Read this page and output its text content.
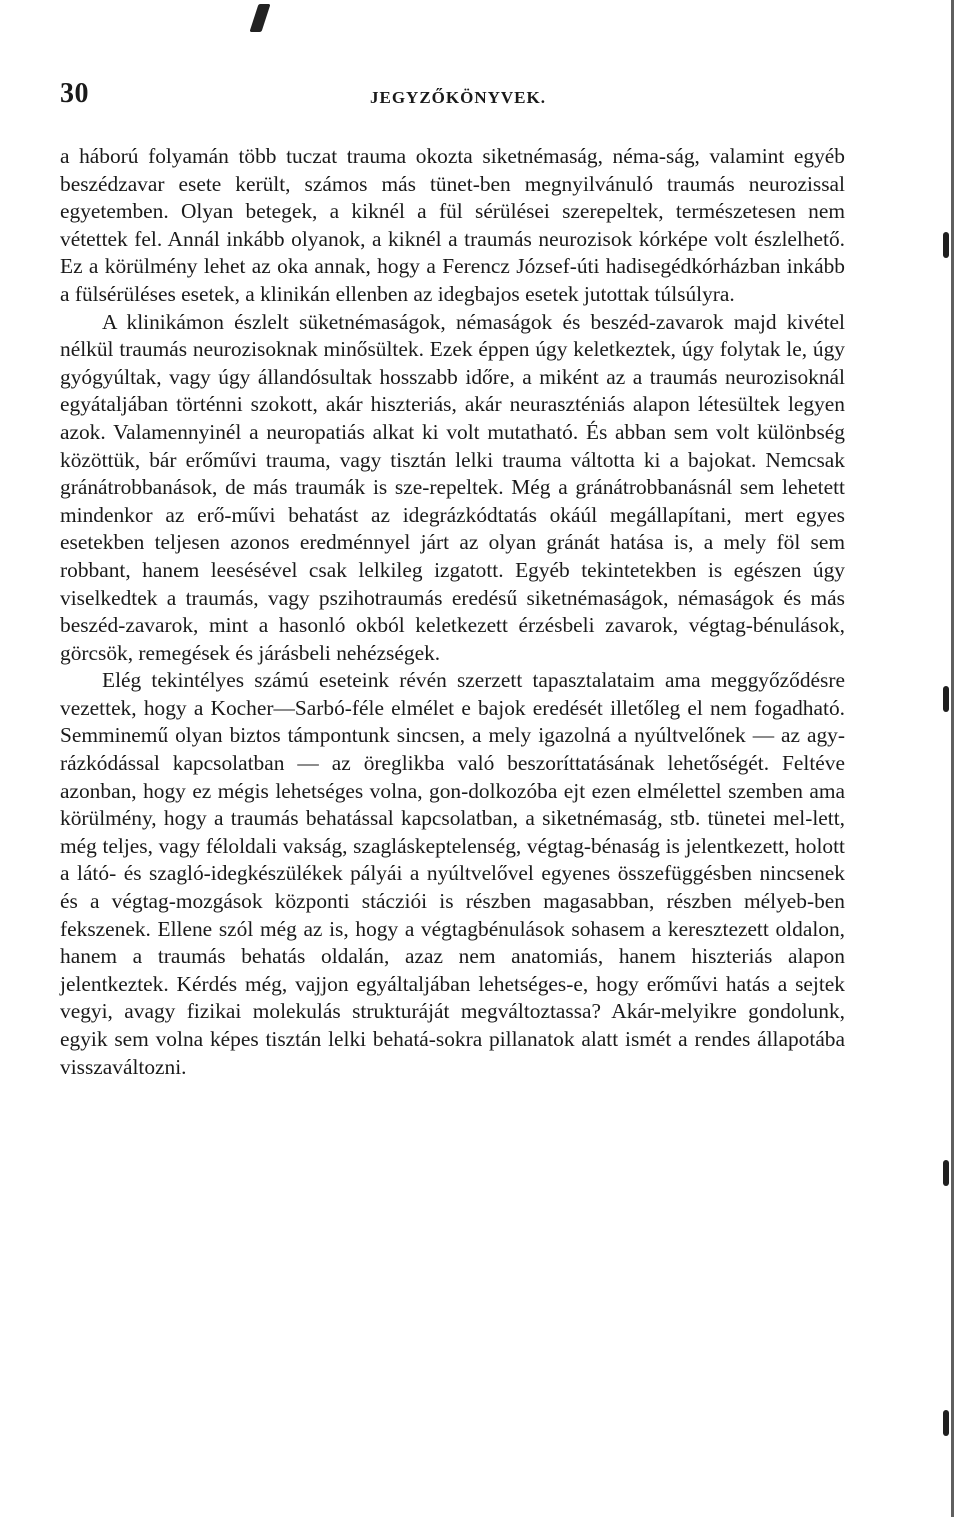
30	JEGYZŐKÖNYVEK.

a háború folyamán több tuczat trauma okozta siketnémaság, néma-ság, valamint egyéb beszédzavar esete került, számos más tünet-ben megnyilvánuló traumás neurozissal egyetemben. Olyan betegek, a kiknél a fül sérülései szerepeltek, természetesen nem vétettek fel. Annál inkább olyanok, a kiknél a traumás neurozisok kórképe volt észlelhető. Ez a körülmény lehet az oka annak, hogy a Ferencz József-úti hadisegédkórházban inkább a fülsérüléses esetek, a klinikán ellenben az idegbajos esetek jutottak túlsúlyra.

A klinikámon észlelt süketnémaságok, némaságok és beszéd-zavarok majd kivétel nélkül traumás neurozisoknak minősültek. Ezek éppen úgy keletkeztek, úgy folytak le, úgy gyógyúltak, vagy úgy állandósultak hosszabb időre, a miként az a traumás neurozisoknál egyátaljában történni szokott, akár hiszteriás, akár neuraszténiás alapon létesültek legyen azok. Valamennyinél a neuropatiás alkat ki volt mutatható. És abban sem volt különbség közöttük, bár erőművi trauma, vagy tisztán lelki trauma váltotta ki a bajokat. Nemcsak gránátrobbanások, de más traumák is sze-repeltek. Még a gránátrobbanásnál sem lehetett mindenkor az erő-művi behatást az idegrázkódtatás okáúl megállapítani, mert egyes esetekben teljesen azonos eredménnyel járt az olyan gránát hatása is, a mely föl sem robbant, hanem leesésével csak lelkileg izgatott. Egyéb tekintetekben is egészen úgy viselkedtek a traumás, vagy pszihotraumás eredésű siketnémaságok, némaságok és más beszéd-zavarok, mint a hasonló okból keletkezett érzésbeli zavarok, végtag-bénulások, görcsök, remegések és járásbeli nehézségek.

Elég tekintélyes számú eseteink révén szerzett tapasztalataim ama meggyőződésre vezettek, hogy a Kocher—Sarbó-féle elmélet e bajok eredését illetőleg el nem fogadható. Semminemű olyan biztos támpontunk sincsen, a mely igazolná a nyúltvelőnek — az agy-rázkódással kapcsolatban — az öreglikba való beszoríttatásának lehetőségét. Feltéve azonban, hogy ez mégis lehetséges volna, gon-dolkozóba ejt ezen elmélettel szemben ama körülmény, hogy a traumás behatással kapcsolatban, a siketnémaság, stb. tünetei mel-lett, még teljes, vagy féloldali vakság, szagláskeptelenség, végtag-bénaság is jelentkezett, holott a látó- és szagló-idegkészülékek pályái a nyúltvelővel egyenes összefüggésben nincsenek és a végtag-mozgások központi stácziói is részben magasabban, részben mélyeb-ben fekszenek. Ellene szól még az is, hogy a végtagbénulások sohasem a keresztezett oldalon, hanem a traumás behatás oldalán, azaz nem anatomiás, hanem hiszteriás alapon jelentkeztek. Kérdés még, vajjon egyáltaljában lehetséges-e, hogy erőművi hatás a sejtek vegyi, avagy fizikai molekulás strukturáját megváltoztassa? Akár-melyikre gondolunk, egyik sem volna képes tisztán lelki behatá-sokra pillanatok alatt ismét a rendes állapotába visszaváltozni.
